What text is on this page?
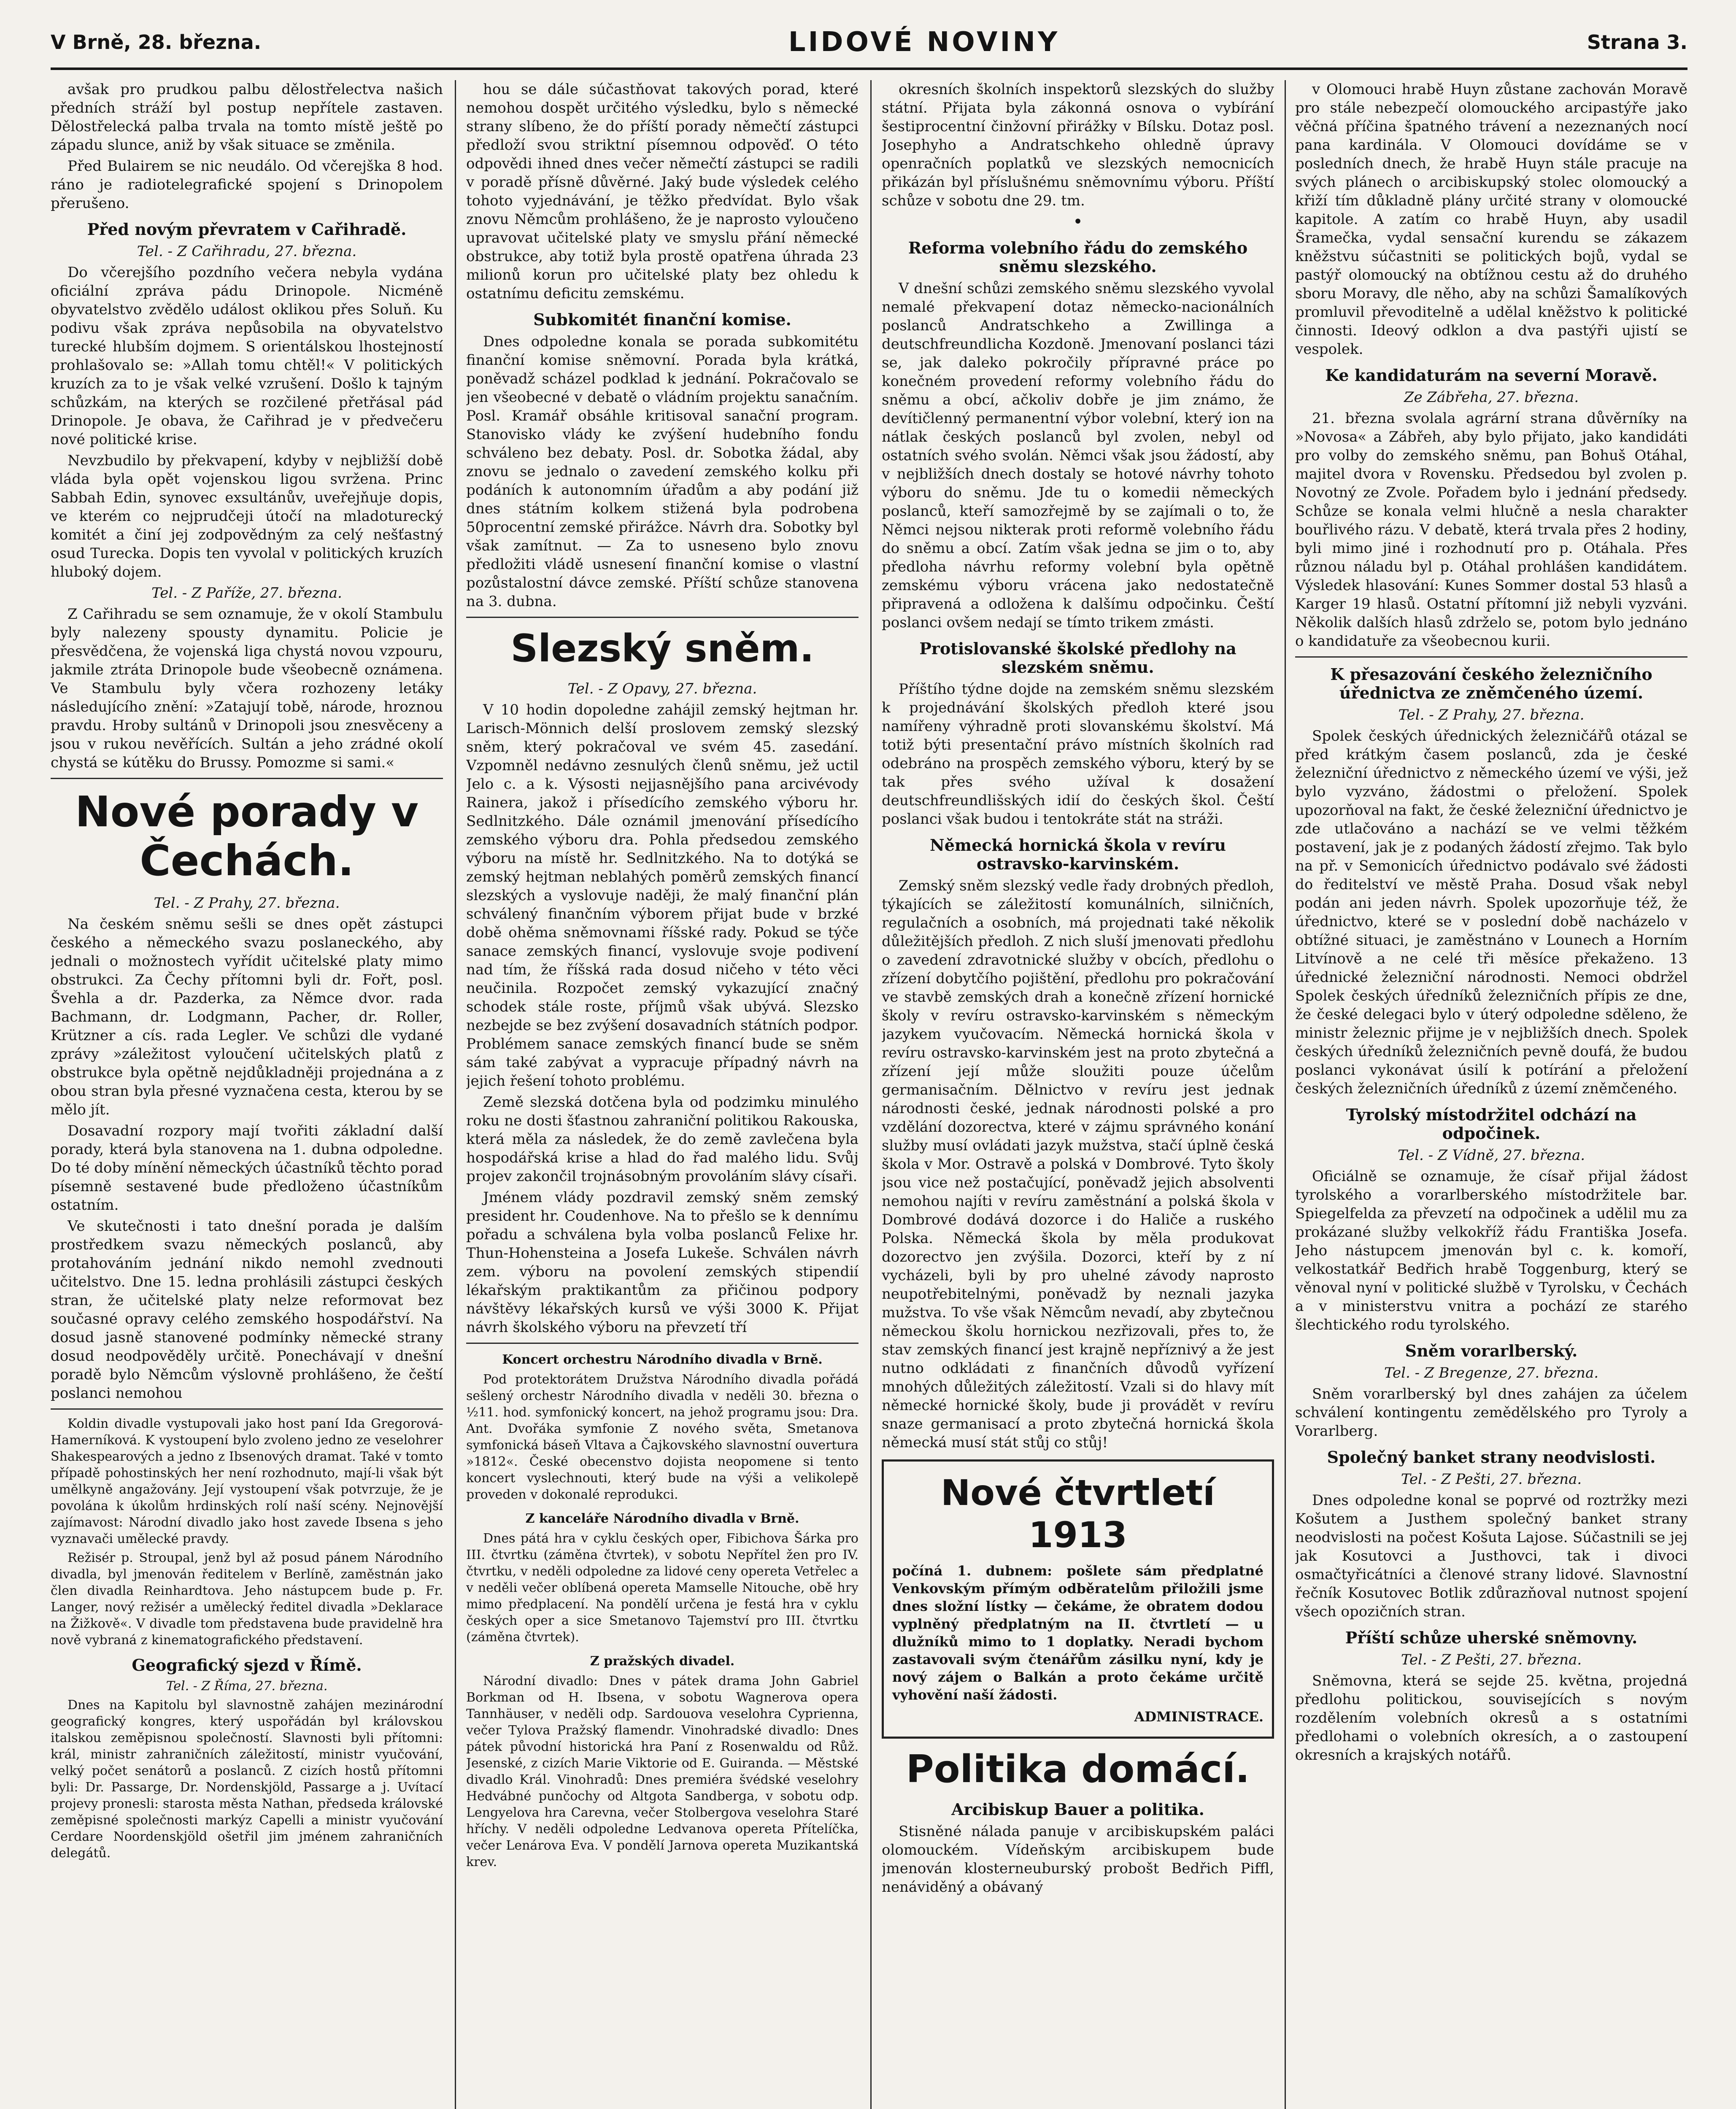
V Brně, 28. března.	LIDOVÉ NOVINY	Strana 3.

avšak pro prudkou palbu dělostřelectva našich předních stráží byl postup nepřítele zastaven. Dělostřelecká palba trvala na tomto místě ještě po západu slunce, aniž by však situace se změnila.

Před Bulairem se nic neudálo. Od včerejška 8 hod. ráno je radiotelegrafické spojení s Drinopolem přerušeno.

Před novým převratem v Cařihradě.

Tel. - Z Cařihradu, 27. března.

Do včerejšího pozdního večera nebyla vydána oficiální zpráva pádu Drinopole. Nicméně obyvatelstvo zvědělo událost oklikou přes Soluň. Ku podivu však zpráva nepůsobila na obyvatelstvo turecké hlubším dojmem. S orientálskou lhostejností prohlašovalo se: »Allah tomu chtěl!« V politických kruzích za to je však velké vzrušení. Došlo k tajným schůzkám, na kterých se rozčilené přetřásal pád Drinopole. Je obava, že Cařihrad je v předvečeru nové politické krise.

Nevzbudilo by překvapení, kdyby v nejbližší době vláda byla opět vojenskou ligou svržena. Princ Sabbah Edin, synovec exsultánův, uveřejňuje dopis, ve kterém co nejprudčeji útočí na mladoturecký komitét a činí jej zodpovědným za celý nešťastný osud Turecka. Dopis ten vyvolal v politických kruzích hluboký dojem.

Tel. - Z Paříže, 27. března.

Z Cařihradu se sem oznamuje, že v okolí Stambulu byly nalezeny spousty dynamitu. Policie je přesvědčena, že vojenská liga chystá novou vzpouru, jakmile ztráta Drinopole bude všeobecně oznámena. Ve Stambulu byly včera rozhozeny letáky následujícího znění: »Zatajují tobě, národe, hroznou pravdu. Hroby sultánů v Drinopoli jsou znesvěceny a jsou v rukou nevěřících. Sultán a jeho zrádné okolí chystá se kútěku do Brussy. Pomozme si sami.«

Nové porady v Čechách.

Tel. - Z Prahy, 27. března.

Na českém sněmu sešli se dnes opět zástupci českého a německého svazu poslaneckého, aby jednali o možnostech vyřídit učitelské platy mimo obstrukci. Za Čechy přítomni byli dr. Fořt, posl. Švehla a dr. Pazderka, za Němce dvor. rada Bachmann, dr. Lodgmann, Pacher, dr. Roller, Krützner a cís. rada Legler. Ve schůzi dle vydané zprávy »záležitost vyloučení učitelských platů z obstrukce byla opětně nejdůkladněji projednána a z obou stran byla přesné vyznačena cesta, kterou by se mělo jít.

Dosavadní rozpory mají tvořiti základní další porady, která byla stanovena na 1. dubna odpoledne. Do té doby mínění německých účastníků těchto porad písemně sestavené bude předloženo účastníkům ostatním.

Ve skutečnosti i tato dnešní porada je dalším prostředkem svazu německých poslanců, aby protahováním jednání nikdo nemohl zvednouti učitelstvo. Dne 15. ledna prohlásili zástupci českých stran, že učitelské platy nelze reformovat bez současné opravy celého zemského hospodářství. Na dosud jasně stanovené podmínky německé strany dosud neodpověděly určitě. Ponechávají v dnešní poradě bylo Němcům výslovně prohlášeno, že čeští poslanci nemohou

Koldin divadle vystupovali jako host paní Ida Gregorová-Hamerníková. K vystoupení bylo zvoleno jedno ze veselohrer Shakespearových a jedno z Ibsenových dramat. Také v tomto případě pohostinských her není rozhodnuto, mají-li však být umělkyně angažovány. Její vystoupení však potvrzuje, že je povolána k úkolům hrdinských rolí naší scény. Nejnovější zajímavost: Národní divadlo jako host zavede Ibsena s jeho vyznavači umělecké pravdy.

Režisér p. Stroupal, jenž byl až posud pánem Národního divadla, byl jmenován ředitelem v Berlíně, zaměstnán jako člen divadla Reinhardtova. Jeho nástupcem bude p. Fr. Langer, nový režisér a umělecký ředitel divadla »Deklarace na Žižkově«. V divadle tom představena bude pravidelně hra nově vybraná z kinematografického představení.

Geografický sjezd v Římě.

Tel. - Z Říma, 27. března.

Dnes na Kapitolu byl slavnostně zahájen mezinárodní geografický kongres, který uspořádán byl královskou italskou zeměpisnou společností. Slavnosti byli přítomni: král, ministr zahraničních záležitostí, ministr vyučování, velký počet senátorů a poslanců. Z cizích hostů přítomni byli: Dr. Passarge, Dr. Nordenskjöld, Passarge a j. Uvítací projevy pronesli: starosta města Nathan, předseda královské zeměpisné společnosti markýz Capelli a ministr vyučování Cerdare Noordenskjöld ošetřil jim jménem zahraničních delegátů.

hou se dále súčastňovat takových porad, které nemohou dospět určitého výsledku, bylo s německé strany slíbeno, že do příští porady němečtí zástupci předloží svou striktní písemnou odpověď. O této odpovědi ihned dnes večer němečtí zástupci se radili v poradě přísně důvěrné. Jaký bude výsledek celého tohoto vyjednávání, je těžko předvídat. Bylo však znovu Němcům prohlášeno, že je naprosto vyloučeno upravovat učitelské platy ve smyslu přání německé obstrukce, aby totiž byla prostě opatřena úhrada 23 milionů korun pro učitelské platy bez ohledu k ostatnímu deficitu zemskému.

Subkomitét finanční komise.

Dnes odpoledne konala se porada subkomitétu finanční komise sněmovní. Porada byla krátká, poněvadž scházel podklad k jednání. Pokračovalo se jen všeobecné v debatě o vládním projektu sanačním. Posl. Kramář obsáhle kritisoval sanační program. Stanovisko vlády ke zvýšení hudebního fondu schváleno bez debaty. Posl. dr. Sobotka žádal, aby znovu se jednalo o zavedení zemského kolku při podáních k autonomním úřadům a aby podání již dnes státním kolkem stižená byla podrobena 50procentní zemské přirážce. Návrh dra. Sobotky byl však zamítnut. — Za to usneseno bylo znovu předložiti vládě usnesení finanční komise o vlastní pozůstalostní dávce zemské. Příští schůze stanovena na 3. dubna.

Slezský sněm.

Tel. - Z Opavy, 27. března.

V 10 hodin dopoledne zahájil zemský hejtman hr. Larisch-Mönnich delší proslovem zemský slezský sněm, který pokračoval ve svém 45. zasedání. Vzpomněl nedávno zesnulých členů sněmu, jež uctil Jelo c. a k. Výsosti nejjasnějšího pana arcivévody Rainera, jakož i přísedícího zemského výboru hr. Sedlnitzkého. Dále oznámil jmenování přísedícího zemského výboru dra. Pohla předsedou zemského výboru na místě hr. Sedlnitzkého. Na to dotýká se zemský hejtman neblahých poměrů zemských financí slezských a vyslovuje naději, že malý finanční plán schválený finančním výborem přijat bude v brzké době ohěma sněmovnami říšské rady. Pokud se týče sanace zemských financí, vyslovuje svoje podivení nad tím, že říšská rada dosud ničeho v této věci neučinila. Rozpočet zemský vykazující značný schodek stále roste, příjmů však ubývá. Slezsko nezbejde se bez zvýšení dosavadních státních podpor. Problémem sanace zemských financí bude se sněm sám také zabývat a vypracuje případný návrh na jejich řešení tohoto problému.

Země slezská dotčena byla od podzimku minulého roku ne dosti šťastnou zahraniční politikou Rakouska, která měla za následek, že do země zavlečena byla hospodářská krise a hlad do řad malého lidu. Svůj projev zakončil trojnásobným provoláním slávy císaři.

Jménem vlády pozdravil zemský sněm zemský president hr. Coudenhove. Na to přešlo se k dennímu pořadu a schválena byla volba poslanců Felixe hr. Thun-Hohensteina a Josefa Lukeše. Schválen návrh zem. výboru na povolení zemských stipendií lékařským praktikantům za přičinou podpory návštěvy lékařských kursů ve výši 3000 K. Přijat návrh školského výboru na převzetí tří

Koncert orchestru Národního divadla v Brně.

Pod protektorátem Družstva Národního divadla pořádá sešlený orchestr Národního divadla v neděli 30. března o ½11. hod. symfonický koncert, na jehož programu jsou: Dra. Ant. Dvořáka symfonie Z nového světa, Smetanova symfonická báseň Vltava a Čajkovského slavnostní ouvertura »1812«. České obecenstvo dojista neopomene si tento koncert vyslechnouti, který bude na výši a velikolepě proveden v dokonalé reprodukci.

Z kanceláře Národního divadla v Brně.

Dnes pátá hra v cyklu českých oper, Fibichova Šárka pro III. čtvrtku (záměna čtvrtek), v sobotu Nepřítel žen pro IV. čtvrtku, v neděli odpoledne za lidové ceny opereta Vetřelec a v neděli večer oblíbená opereta Mamselle Nitouche, obě hry mimo předplacení. Na pondělí určena je festá hra v cyklu českých oper a sice Smetanovo Tajemství pro III. čtvrtku (záměna čtvrtek).

Z pražských divadel.

Národní divadlo: Dnes v pátek drama John Gabriel Borkman od H. Ibsena, v sobotu Wagnerova opera Tannhäuser, v neděli odp. Sardouova veselohra Cyprienna, večer Tylova Pražský flamendr. Vinohradské divadlo: Dnes pátek původní historická hra Paní z Rosenwaldu od Růž. Jesenské, z cizích Marie Viktorie od E. Guiranda. — Městské divadlo Král. Vinohradů: Dnes premiéra švédské veselohry Hedvábné punčochy od Altgota Sandberga, v sobotu odp. Lengyelova hra Carevna, večer Stolbergova veselohra Staré hříchy. V neděli odpoledne Ledvanova opereta Přítelíčka, večer Lenárova Eva. V pondělí Jarnova opereta Muzikantská krev.

okresních školních inspektorů slezských do služby státní. Přijata byla zákonná osnova o vybírání šestiprocentní činžovní přirážky v Bílsku. Dotaz posl. Josephyho a Andratschkeho ohledně úpravy openračních poplatků ve slezských nemocnicích přikázán byl příslušnému sněmovnímu výboru. Příští schůze v sobotu dne 29. tm.

•

Reforma volebního řádu do zemského sněmu slezského.

V dnešní schůzi zemského sněmu slezského vyvolal nemalé překvapení dotaz německo-nacionálních poslanců Andratschkeho a Zwillinga a deutschfreundlicha Kozdoně. Jmenovaní poslanci tázi se, jak daleko pokročily přípravné práce po konečném provedení reformy volebního řádu do sněmu a obcí, ačkoliv dobře je jim známo, že devítičlenný permanentní výbor volební, který ion na nátlak českých poslanců byl zvolen, nebyl od ostatních svého svolán. Němci však jsou žádostí, aby v nejbližších dnech dostaly se hotové návrhy tohoto výboru do sněmu. Jde tu o komedii německých poslanců, kteří samozřejmě by se zajímali o to, že Němci nejsou nikterak proti reformě volebního řádu do sněmu a obcí. Zatím však jedna se jim o to, aby předloha návrhu reformy volební byla opětně zemskému výboru vrácena jako nedostatečně připravená a odložena k dalšímu odpočinku. Čeští poslanci ovšem nedají se tímto trikem zmásti.

Protislovanské školské předlohy na slezském sněmu.

Příštího týdne dojde na zemském sněmu slezském k projednávání školských předloh které jsou namířeny výhradně proti slovanskému školství. Má totiž býti presentační právo místních školních rad odebráno na prospěch zemského výboru, který by se tak přes svého užíval k dosažení deutschfreundlišských idií do českých škol. Čeští poslanci však budou i tentokráte stát na stráži.

Německá hornická škola v revíru ostravsko-karvinském.

Zemský sněm slezský vedle řady drobných předloh, týkajících se záležitostí komunálních, silničních, regulačních a osobních, má projednati také několik důležitějších předloh. Z nich sluší jmenovati předlohu o zavedení zdravotnické služby v obcích, předlohu o zřízení dobytčího pojištění, předlohu pro pokračování ve stavbě zemských drah a konečně zřízení hornické školy v revíru ostravsko-karvinském s německým jazykem vyučovacím. Německá hornická škola v revíru ostravsko-karvinském jest na proto zbytečná a zřízení její může sloužiti pouze účelům germanisačním. Dělnictvo v revíru jest jednak národnosti české, jednak národnosti polské a pro vzdělání dozorectva, které v zájmu správného konání služby musí ovládati jazyk mužstva, stačí úplně česká škola v Mor. Ostravě a polská v Dombrové. Tyto školy jsou vice než postačující, poněvadž jejich absolventi nemohou najíti v revíru zaměstnání a polská škola v Dombrové dodává dozorce i do Haliče a ruského Polska. Německá škola by měla produkovat dozorectvo jen zvýšila. Dozorci, kteří by z ní vycházeli, byli by pro uhelné závody naprosto neupotřebitelnými, poněvadž by neznali jazyka mužstva. To vše však Němcům nevadí, aby zbytečnou německou školu hornickou nezřizovali, přes to, že stav zemských financí jest krajně nepříznivý a že jest nutno odkládati z finančních důvodů vyřízení mnohých důležitých záležitostí. Vzali si do hlavy mít německé hornické školy, bude ji provádět v revíru snaze germanisací a proto zbytečná hornická škola německá musí stát stůj co stůj!

Nové čtvrtletí 1913

počíná 1. dubnem: pošlete sám předplatné Venkovským přímým odběratelům přiložili jsme dnes složní lístky — čekáme, že obratem dodou vyplněný předplatným na II. čtvrtletí — u dlužníků mimo to 1 doplatky. Neradi bychom zastavovali svým čtenářům zásilku nyní, kdy je nový zájem o Balkán a proto čekáme určitě vyhovění naší žádosti.

ADMINISTRACE.

Politika domácí.
Arcibiskup Bauer a politika.

Stisněné nálada panuje v arcibiskupském paláci olomouckém. Vídeňským arcibiskupem bude jmenován klosterneuburský probošt Bedřich Piffl, nenáviděný a obávaný

v Olomouci hrabě Huyn zůstane zachován Moravě pro stále nebezpečí olomouckého arcipastýře jako věčná příčina špatného trávení a nezeznaných nocí pana kardinála. V Olomouci dovídáme se v posledních dnech, že hrabě Huyn stále pracuje na svých plánech o arcibiskupský stolec olomoucký a křiží tím důkladně plány určité strany v olomoucké kapitole. A zatím co hrabě Huyn, aby usadil Šramečka, vydal sensační kurendu se zákazem kněžstvu súčastniti se politických bojů, vydal se pastýř olomoucký na obtížnou cestu až do druhého sboru Moravy, dle něho, aby na schůzi Šamalíkových promluvil převoditelně a udělal kněžstvo k politické činnosti. Ideový odklon a dva pastýři ujistí se vespolek.

Ke kandidaturám na severní Moravě.

Ze Zábřeha, 27. března.

21. března svolala agrární strana důvěrníky na »Novosa« a Zábřeh, aby bylo přijato, jako kandidáti pro volby do zemského sněmu, pan Bohuš Otáhal, majitel dvora v Rovensku. Předsedou byl zvolen p. Novotný ze Zvole. Pořadem bylo i jednání předsedy. Schůze se konala velmi hlučně a nesla charakter bouřlivého rázu. V debatě, která trvala přes 2 hodiny, byli mimo jiné i rozhodnutí pro p. Otáhala. Přes různou náladu byl p. Otáhal prohlášen kandidátem. Výsledek hlasování: Kunes Sommer dostal 53 hlasů a Karger 19 hlasů. Ostatní přítomní již nebyli vyzváni. Několik dalších hlasů zdrželo se, potom bylo jednáno o kandidatuře za všeobecnou kurii.

K přesazování českého železničního úřednictva ze zněmčeného území.

Tel. - Z Prahy, 27. března.

Spolek českých úřednických železničářů otázal se před krátkým časem poslanců, zda je české železniční úřednictvo z německého území ve výši, jež bylo vyzváno, žádostmi o přeložení. Spolek upozorňoval na fakt, že české železniční úřednictvo je zde utlačováno a nachází se ve velmi těžkém postavení, jak je z podaných žádostí zřejmo. Tak bylo na př. v Semonicích úřednictvo podávalo své žádosti do ředitelství ve městě Praha. Dosud však nebyl podán ani jeden návrh. Spolek upozorňuje též, že úřednictvo, které se v poslední době nacházelo v obtížné situaci, je zaměstnáno v Lounech a Horním Litvínově a ne celé tři měsíce překaženo. 13 úřednické železniční národnosti. Nemoci obdržel Spolek českých úředníků železničních přípis ze dne, že české delegaci bylo v úterý odpoledne sděleno, že ministr železnic přijme je v nejbližších dnech. Spolek českých úředníků železničních pevně doufá, že budou poslanci vykonávat úsilí k potírání a přeložení českých železničních úředníků z území zněmčeného.

Tyrolský místodržitel odchází na odpočinek.

Tel. - Z Vídně, 27. března.

Oficiálně se oznamuje, že císař přijal žádost tyrolského a vorarlberského místodržitele bar. Spiegelfelda za převzetí na odpočinek a udělil mu za prokázané služby velkokříž řádu Františka Josefa. Jeho nástupcem jmenován byl c. k. komoří, velkostatkář Bedřich hrabě Toggenburg, který se věnoval nyní v politické službě v Tyrolsku, v Čechách a v ministerstvu vnitra a pochází ze starého šlechtického rodu tyrolského.

Sněm vorarlberský.

Tel. - Z Bregenze, 27. března.

Sněm vorarlberský byl dnes zahájen za účelem schválení kontingentu zemědělského pro Tyroly a Vorarlberg.

Společný banket strany neodvislosti.

Tel. - Z Pešti, 27. března.

Dnes odpoledne konal se poprvé od roztržky mezi Košutem a Justhem společný banket strany neodvislosti na počest Košuta Lajose. Súčastnili se jej jak Kosutovci a Justhovci, tak i divoci osmačtyřicátníci a členové strany lidové. Slavnostní řečník Kosutovec Botlik zdůrazňoval nutnost spojení všech opozičních stran.

Příští schůze uherské sněmovny.

Tel. - Z Pešti, 27. března.

Sněmovna, která se sejde 25. května, projedná předlohu politickou, souvisejících s novým rozdělením volebních okresů a s ostatními předlohami o volebních okresích, a o zastoupení okresních a krajských notářů.
